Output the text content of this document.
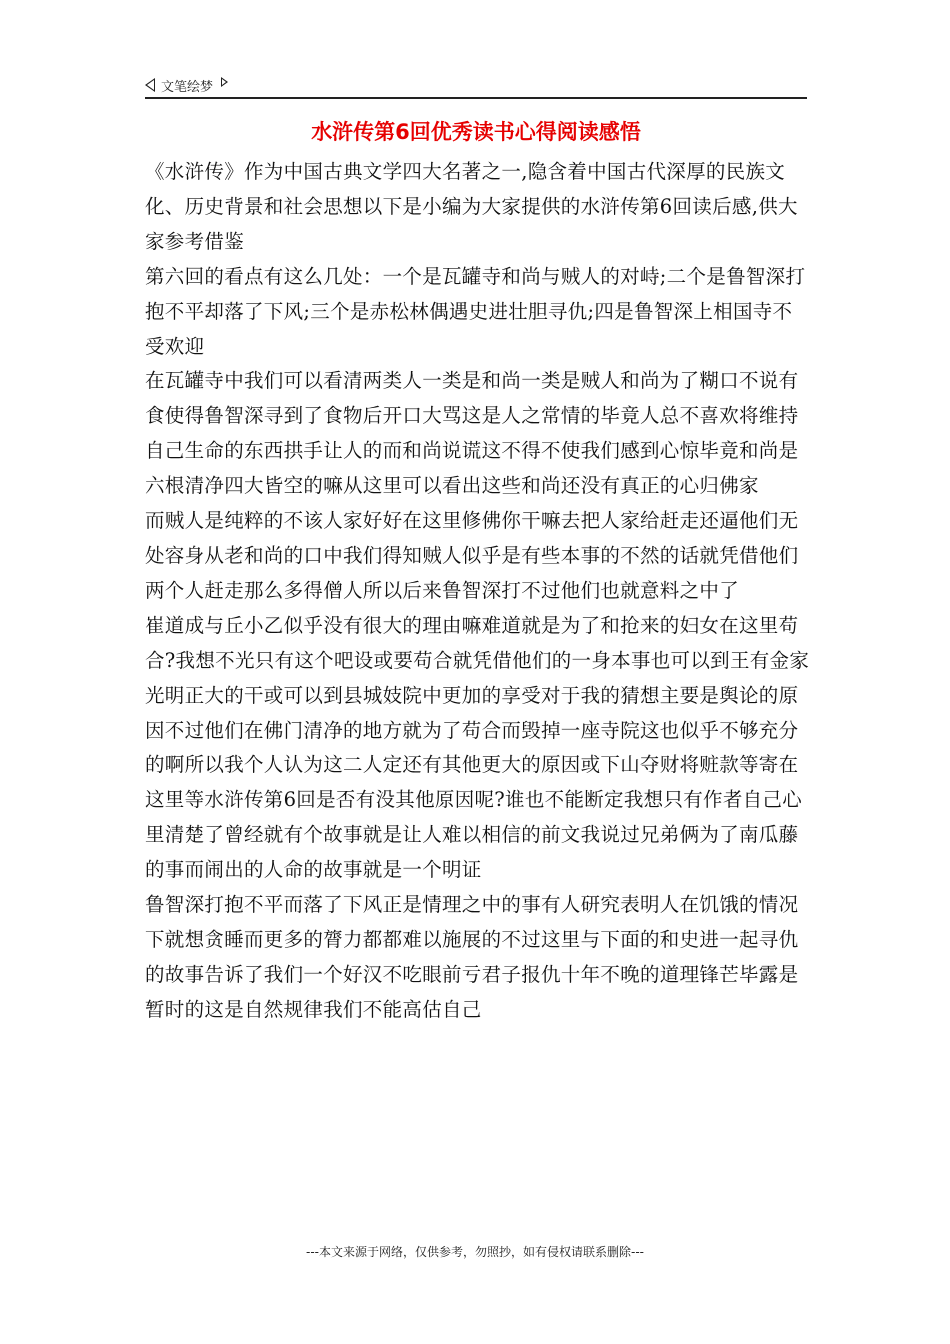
文笔绘梦
水浒传第6回优秀读书心得阅读感悟

《水浒传》作为中国古典文学四大名著之一,隐含着中国古代深厚的民族文化、历史背景和社会思想以下是小编为大家提供的水浒传第6回读后感,供大家参考借鉴

第六回的看点有这么几处：一个是瓦罐寺和尚与贼人的对峙;二个是鲁智深打抱不平却落了下风;三个是赤松林偶遇史进壮胆寻仇;四是鲁智深上相国寺不受欢迎

在瓦罐寺中我们可以看清两类人一类是和尚一类是贼人和尚为了糊口不说有食使得鲁智深寻到了食物后开口大骂这是人之常情的毕竟人总不喜欢将维持自己生命的东西拱手让人的而和尚说谎这不得不使我们感到心惊毕竟和尚是六根清净四大皆空的嘛从这里可以看出这些和尚还没有真正的心归佛家

而贼人是纯粹的不该人家好好在这里修佛你干嘛去把人家给赶走还逼他们无处容身从老和尚的口中我们得知贼人似乎是有些本事的不然的话就凭借他们两个人赶走那么多得僧人所以后来鲁智深打不过他们也就意料之中了

崔道成与丘小乙似乎没有很大的理由嘛难道就是为了和抢来的妇女在这里苟合?我想不光只有这个吧设或要苟合就凭借他们的一身本事也可以到王有金家光明正大的干或可以到县城妓院中更加的享受对于我的猜想主要是舆论的原因不过他们在佛门清净的地方就为了苟合而毁掉一座寺院这也似乎不够充分的啊所以我个人认为这二人定还有其他更大的原因或下山夺财将赃款等寄在这里等水浒传第6回是否有没其他原因呢?谁也不能断定我想只有作者自己心里清楚了曾经就有个故事就是让人难以相信的前文我说过兄弟俩为了南瓜藤的事而闹出的人命的故事就是一个明证

鲁智深打抱不平而落了下风正是情理之中的事有人研究表明人在饥饿的情况下就想贪睡而更多的膂力都都难以施展的不过这里与下面的和史进一起寻仇的故事告诉了我们一个好汉不吃眼前亏君子报仇十年不晚的道理锋芒毕露是暂时的这是自然规律我们不能高估自己

---本文来源于网络，仅供参考，勿照抄，如有侵权请联系删除---
